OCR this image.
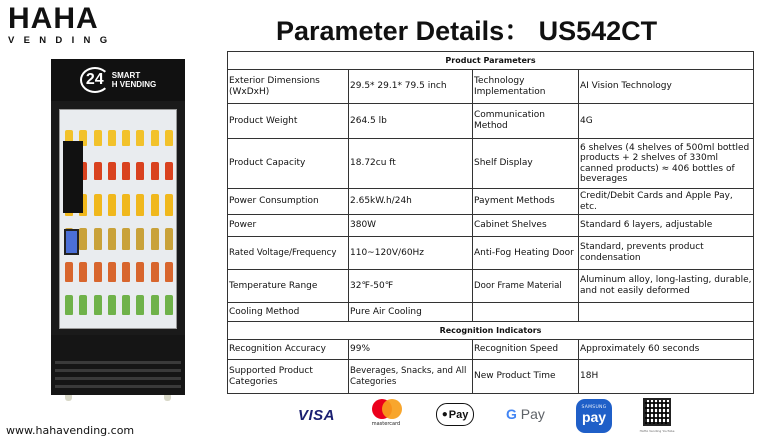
HAHA
VENDING
24	SMART
H VENDING
www.hahavending.com
Parameter Details： US542CT
Product Parameters			
Exterior Dimensions (WxDxH)	29.5* 29.1* 79.5 inch	Technology Implementation	AI Vision Technology
Product Weight	264.5 lb	Communication Method	4G
Product Capacity	18.72cu ft	Shelf Display	6 shelves (4 shelves of 500ml bottled products + 2 shelves of 330ml canned products) ≈ 406 bottles of beverages
Power Consumption	2.65kW.h/24h	Payment Methods	Credit/Debit Cards and Apple Pay, etc.
Power	380W	Cabinet Shelves	Standard 6 layers, adjustable
Rated Voltage/Frequency	110~120V/60Hz	Anti-Fog Heating Door	Standard, prevents product condensation
Temperature Range	32℉-50℉	Door Frame Material	Aluminum alloy, long-lasting, durable, and not easily deformed
Cooling Method	Pure Air Cooling		
Recognition Indicators			
Recognition Accuracy	99%	Recognition Speed	Approximately 60 seconds
Supported Product Categories	Beverages, Snacks, and All Categories	New Product Time	18H
VISA	mastercard
● Pay	G Pay	SAMSUNG
pay
HAHA Vending YouTube
